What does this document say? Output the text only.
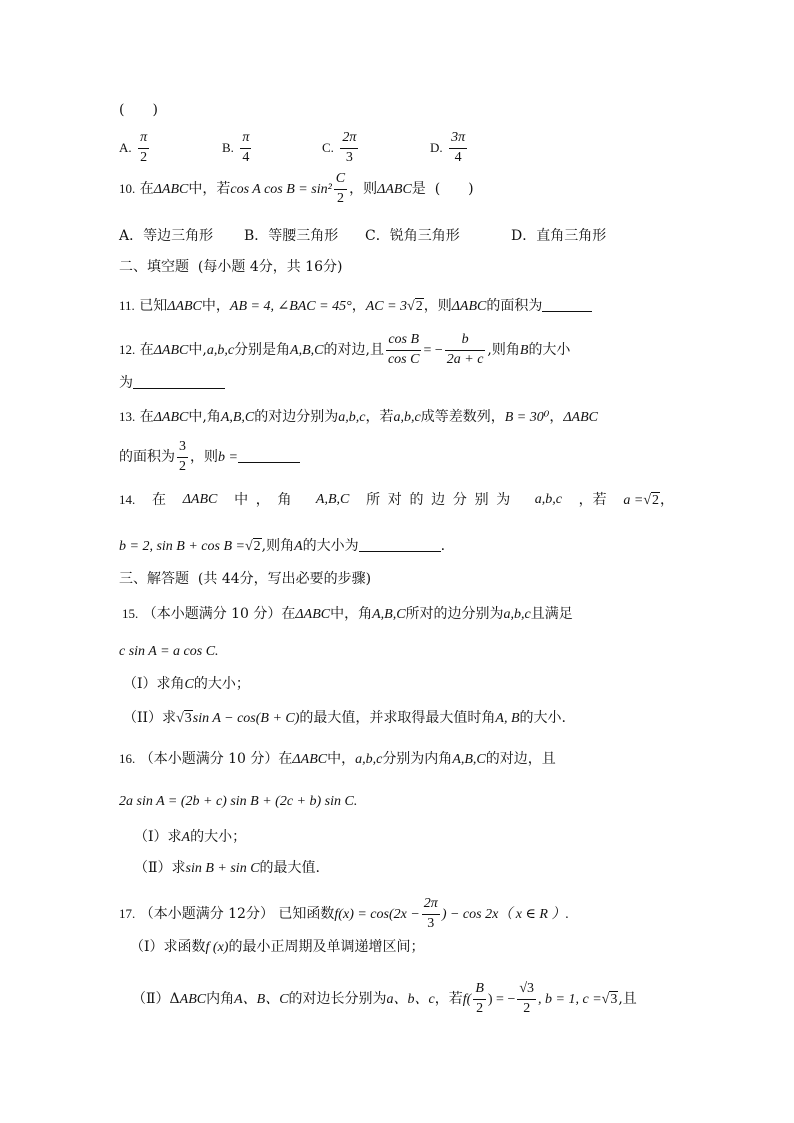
(　　)
A. $\frac{\pi}{2}$	B. $\frac{\pi}{4}$	C. $\frac{2\pi}{3}$	D. $\frac{3\pi}{4}$
10. 在ΔABC中，若cos A $\cos B = \sin^2 \frac{C}{2}$ ，则ΔABC是 (　　)
A．等边三角形 B．等腰三角形 C．锐角三角形	D．直角三角形
二、填空题 (每小题 4分，共 16分)
11. 已知ΔABC中，AB = 4, ∠BAC = 45°，AC = 3√2，则ΔABC的面积为
12. 在ΔABC中,a,b,c分别是角A,B,C的对边,且 $\frac{\text{cos B}}{\text{cos C}}$ = − $\frac{b}{2a + c}$ ,则角B的大小
为
13. 在ΔABC中,角A,B,C的对边分别为a,b,c，若a,b,c成等差数列，B = 30⁰，ΔABC
的面积为 $\frac{3}{2}$ ，则b =
14. 在 ΔABC 中，角 A,B,C 所对的边分别为 a,b,c ，若 a =√2，
b = 2, sin B + cos B =√2,则角A的大小为	.
三、解答题 (共 44分，写出必要的步骤)
15. （本小题满分 10 分）在ΔABC中，角A,B,C所对的边分别为a,b,c且满足
c sin A = a cos C.
（I）求角C的大小；
（II）求√3sin A − cos(B + C)的最大值，并求取得最大值时角A, B的大小.
16. （本小题满分 10 分）在ΔABC中，a,b,c分别为内角A,B,C的对边，且
2a sin A = (2b + c) sin B + (2c + b) sin C.
（Ⅰ）求A的大小；
（Ⅱ）求sin B + sin C的最大值.
17. （本小题满分 12分） 已知函数$f(x) = \cos(2x - \frac{2\pi}{3}$ ) − cos 2x（ x ∈ R ）.
（Ⅰ）求函数f (x)的最小正周期及单调递增区间；
（Ⅱ）ΔABC内角A、B、C的对边长分别为a、b、c，若$f( \frac{B}{2}$ ) = − $\frac{√3}{2}$ , b = 1, c =√3,且
